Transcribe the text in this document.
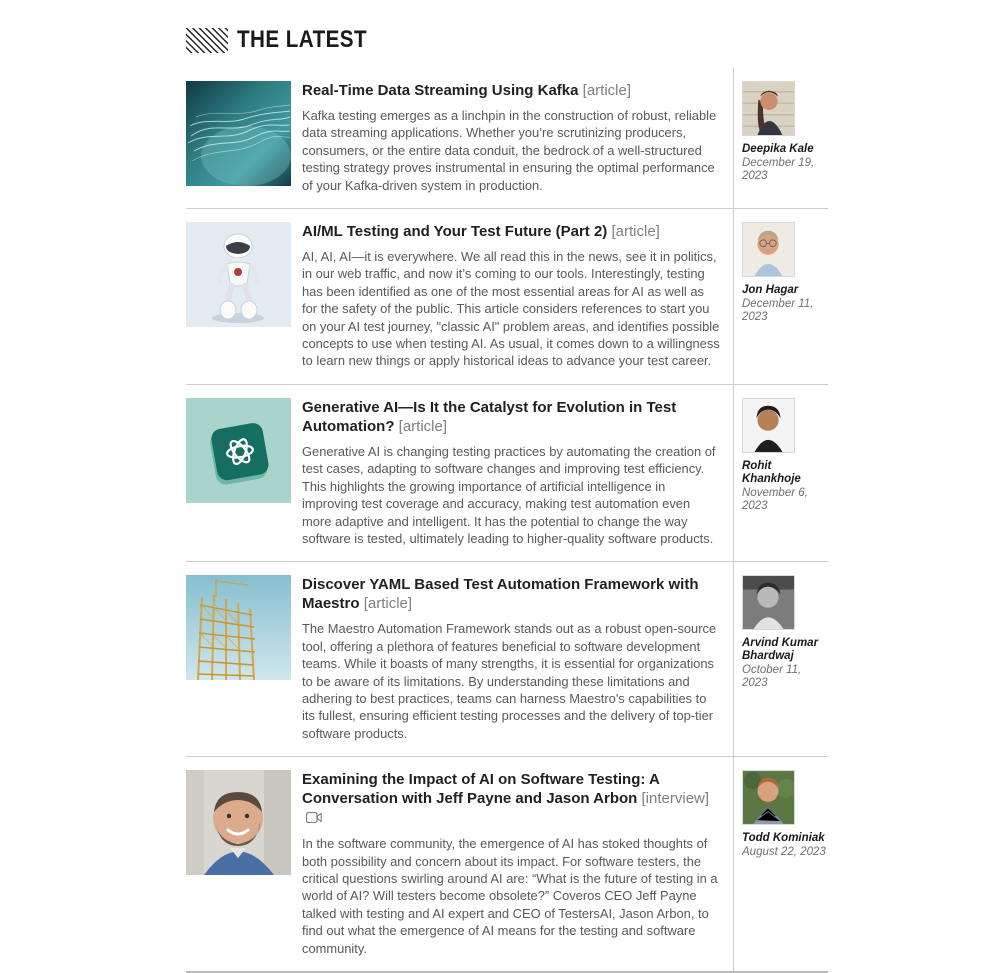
THE LATEST
Real-Time Data Streaming Using Kafka [article]
Kafka testing emerges as a linchpin in the construction of robust, reliable data streaming applications. Whether you’re scrutinizing producers, consumers, or the entire data conduit, the bedrock of a well-structured testing strategy proves instrumental in ensuring the optimal performance of your Kafka-driven system in production.
Deepika Kale
December 19, 2023
AI/ML Testing and Your Test Future (Part 2) [article]
AI, AI, AI—it is everywhere. We all read this in the news, see it in politics, in our web traffic, and now it’s coming to our tools. Interestingly, testing has been identified as one of the most essential areas for AI as well as for the safety of the public. This article considers references to start you on your AI test journey, "classic AI" problem areas, and identifies possible concepts to use when testing AI. As usual, it comes down to a willingness to learn new things or apply historical ideas to advance your test career.
Jon Hagar
December 11, 2023
Generative AI—Is It the Catalyst for Evolution in Test Automation? [article]
Generative AI is changing testing practices by automating the creation of test cases, adapting to software changes and improving test efficiency. This highlights the growing importance of artificial intelligence in improving test coverage and accuracy, making test automation even more adaptive and intelligent. It has the potential to change the way software is tested, ultimately leading to higher-quality software products.
Rohit Khankhoje
November 6, 2023
Discover YAML Based Test Automation Framework with Maestro [article]
The Maestro Automation Framework stands out as a robust open-source tool, offering a plethora of features beneficial to software development teams. While it boasts of many strengths, it is essential for organizations to be aware of its limitations. By understanding these limitations and adhering to best practices, teams can harness Maestro's capabilities to its fullest, ensuring efficient testing processes and the delivery of top-tier software products.
Arvind Kumar Bhardwaj
October 11, 2023
Examining the Impact of AI on Software Testing: A Conversation with Jeff Payne and Jason Arbon [interview]
In the software community, the emergence of AI has stoked thoughts of both possibility and concern about its impact. For software testers, the critical questions swirling around AI are: “What is the future of testing in a world of AI? Will testers become obsolete?” Coveros CEO Jeff Payne talked with testing and AI expert and CEO of TestersAI, Jason Arbon, to find out what the emergence of AI means for the testing and software community.
Todd Kominiak
August 22, 2023
